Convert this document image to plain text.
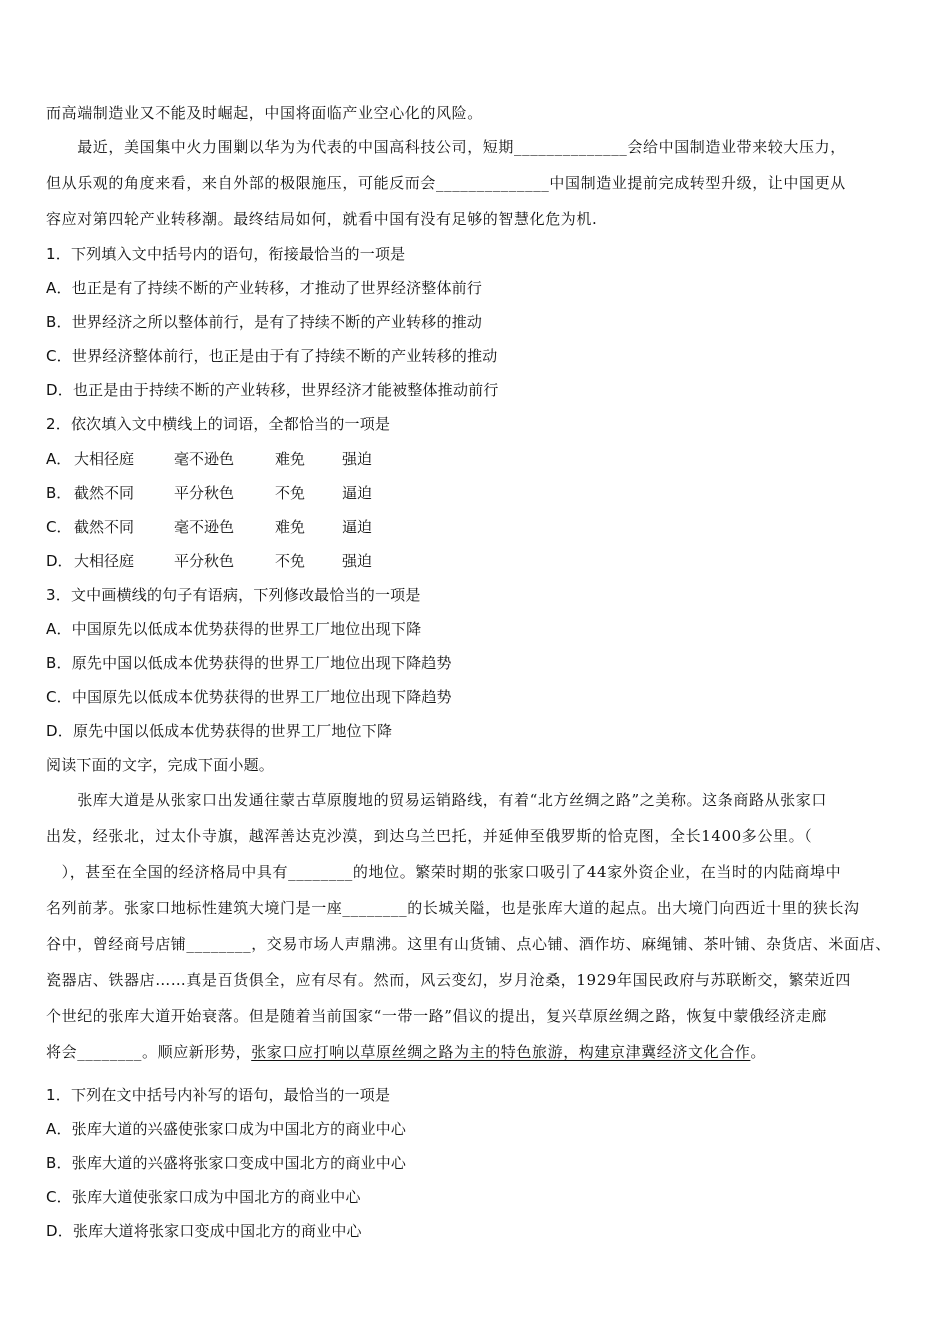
而高端制造业又不能及时崛起，中国将面临产业空心化的风险。
　　最近，美国集中火力围剿以华为为代表的中国高科技公司，短期______________会给中国制造业带来较大压力，
但从乐观的角度来看，来自外部的极限施压，可能反而会______________中国制造业提前完成转型升级，让中国更从
容应对第四轮产业转移潮。最终结局如何，就看中国有没有足够的智慧化危为机.
1．下列填入文中括号内的语句，衔接最恰当的一项是
A．也正是有了持续不断的产业转移，才推动了世界经济整体前行
B．世界经济之所以整体前行，是有了持续不断的产业转移的推动
C．世界经济整体前行，也正是由于有了持续不断的产业转移的推动
D．也正是由于持续不断的产业转移，世界经济才能被整体推动前行
2．依次填入文中横线上的词语，全都恰当的一项是
A． 大相径庭	毫不逊色	难免	强迫
B． 截然不同	平分秋色	不免	逼迫
C． 截然不同	毫不逊色	难免	逼迫
D． 大相径庭	平分秋色	不免	强迫
3．文中画横线的句子有语病，下列修改最恰当的一项是
A．中国原先以低成本优势获得的世界工厂地位出现下降
B．原先中国以低成本优势获得的世界工厂地位出现下降趋势
C．中国原先以低成本优势获得的世界工厂地位出现下降趋势
D．原先中国以低成本优势获得的世界工厂地位下降
阅读下面的文字，完成下面小题。
　　张库大道是从张家口出发通往蒙古草原腹地的贸易运销路线，有着“北方丝绸之路”之美称。这条商路从张家口
出发，经张北，过太仆寺旗，越浑善达克沙漠，到达乌兰巴托，并延伸至俄罗斯的恰克图，全长1400多公里。（
　），甚至在全国的经济格局中具有________的地位。繁荣时期的张家口吸引了44家外资企业，在当时的内陆商埠中
名列前茅。张家口地标性建筑大境门是一座________的长城关隘，也是张库大道的起点。出大境门向西近十里的狭长沟
谷中，曾经商号店铺________，交易市场人声鼎沸。这里有山货铺、点心铺、酒作坊、麻绳铺、茶叶铺、杂货店、米面店、
瓷器店、铁器店……真是百货俱全，应有尽有。然而，风云变幻，岁月沧桑，1929年国民政府与苏联断交，繁荣近四
个世纪的张库大道开始衰落。但是随着当前国家“一带一路”倡议的提出，复兴草原丝绸之路，恢复中蒙俄经济走廊
将会________。顺应新形势，张家口应打响以草原丝绸之路为主的特色旅游，构建京津冀经济文化合作。
1．下列在文中括号内补写的语句，最恰当的一项是
A．张库大道的兴盛使张家口成为中国北方的商业中心
B．张库大道的兴盛将张家口变成中国北方的商业中心
C．张库大道使张家口成为中国北方的商业中心
D．张库大道将张家口变成中国北方的商业中心
